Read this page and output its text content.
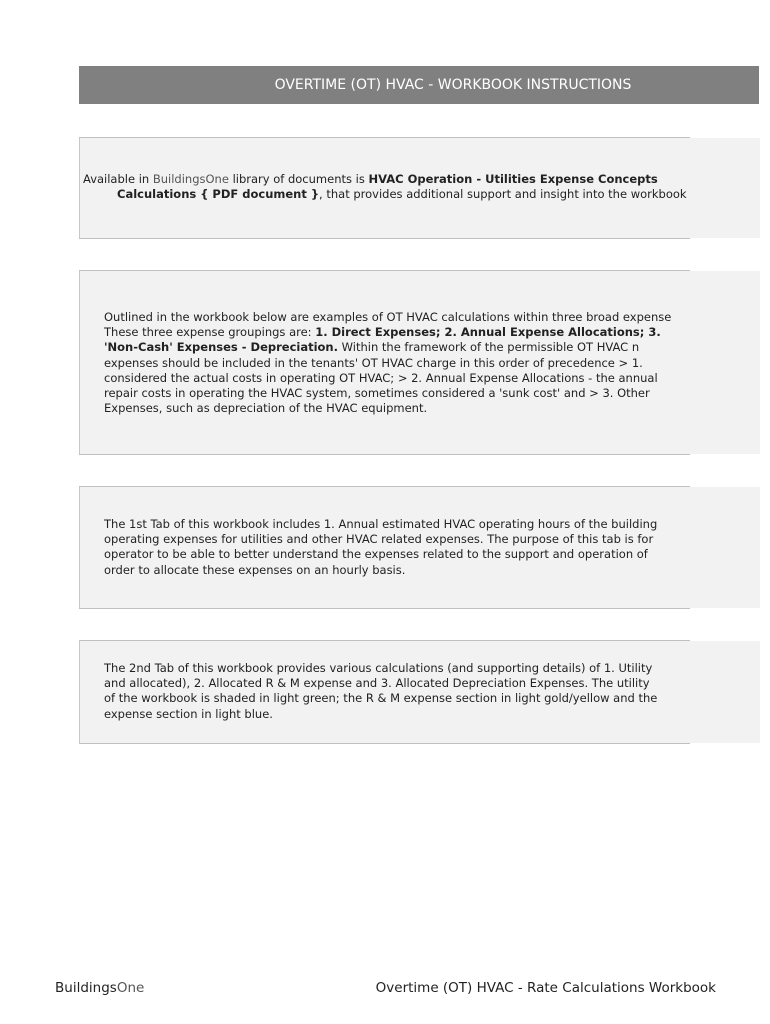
OVERTIME (OT) HVAC - WORKBOOK INSTRUCTIONS
Available in BuildingsOne library of documents is HVAC Operation - Utilities Expense Concepts
Calculations { PDF document }, that provides additional support and insight into the workbook
Outlined in the workbook below are examples of OT HVAC calculations within three broad expense
These three expense groupings are: 1. Direct Expenses; 2. Annual Expense Allocations; 3.
'Non-Cash' Expenses - Depreciation. Within the framework of the permissible OT HVAC n
expenses should be included in the tenants' OT HVAC charge in this order of precedence > 1.
considered the actual costs in operating OT HVAC; > 2. Annual Expense Allocations - the annual
repair costs in operating the HVAC system, sometimes considered a 'sunk cost' and > 3. Other
Expenses, such as depreciation of the HVAC equipment.
The 1st Tab of this workbook includes 1. Annual estimated HVAC operating hours of the building
operating expenses for utilities and other HVAC related expenses. The purpose of this tab is for
operator to be able to better understand the expenses related to the support and operation of
order to allocate these expenses on an hourly basis.
The 2nd Tab of this workbook provides various calculations (and supporting details) of 1. Utility
and allocated), 2. Allocated R & M expense and 3. Allocated Depreciation Expenses. The utility
of the workbook is shaded in light green; the R & M expense section in light gold/yellow and the
expense section in light blue.
BuildingsOne	Overtime (OT) HVAC - Rate Calculations Workbook
